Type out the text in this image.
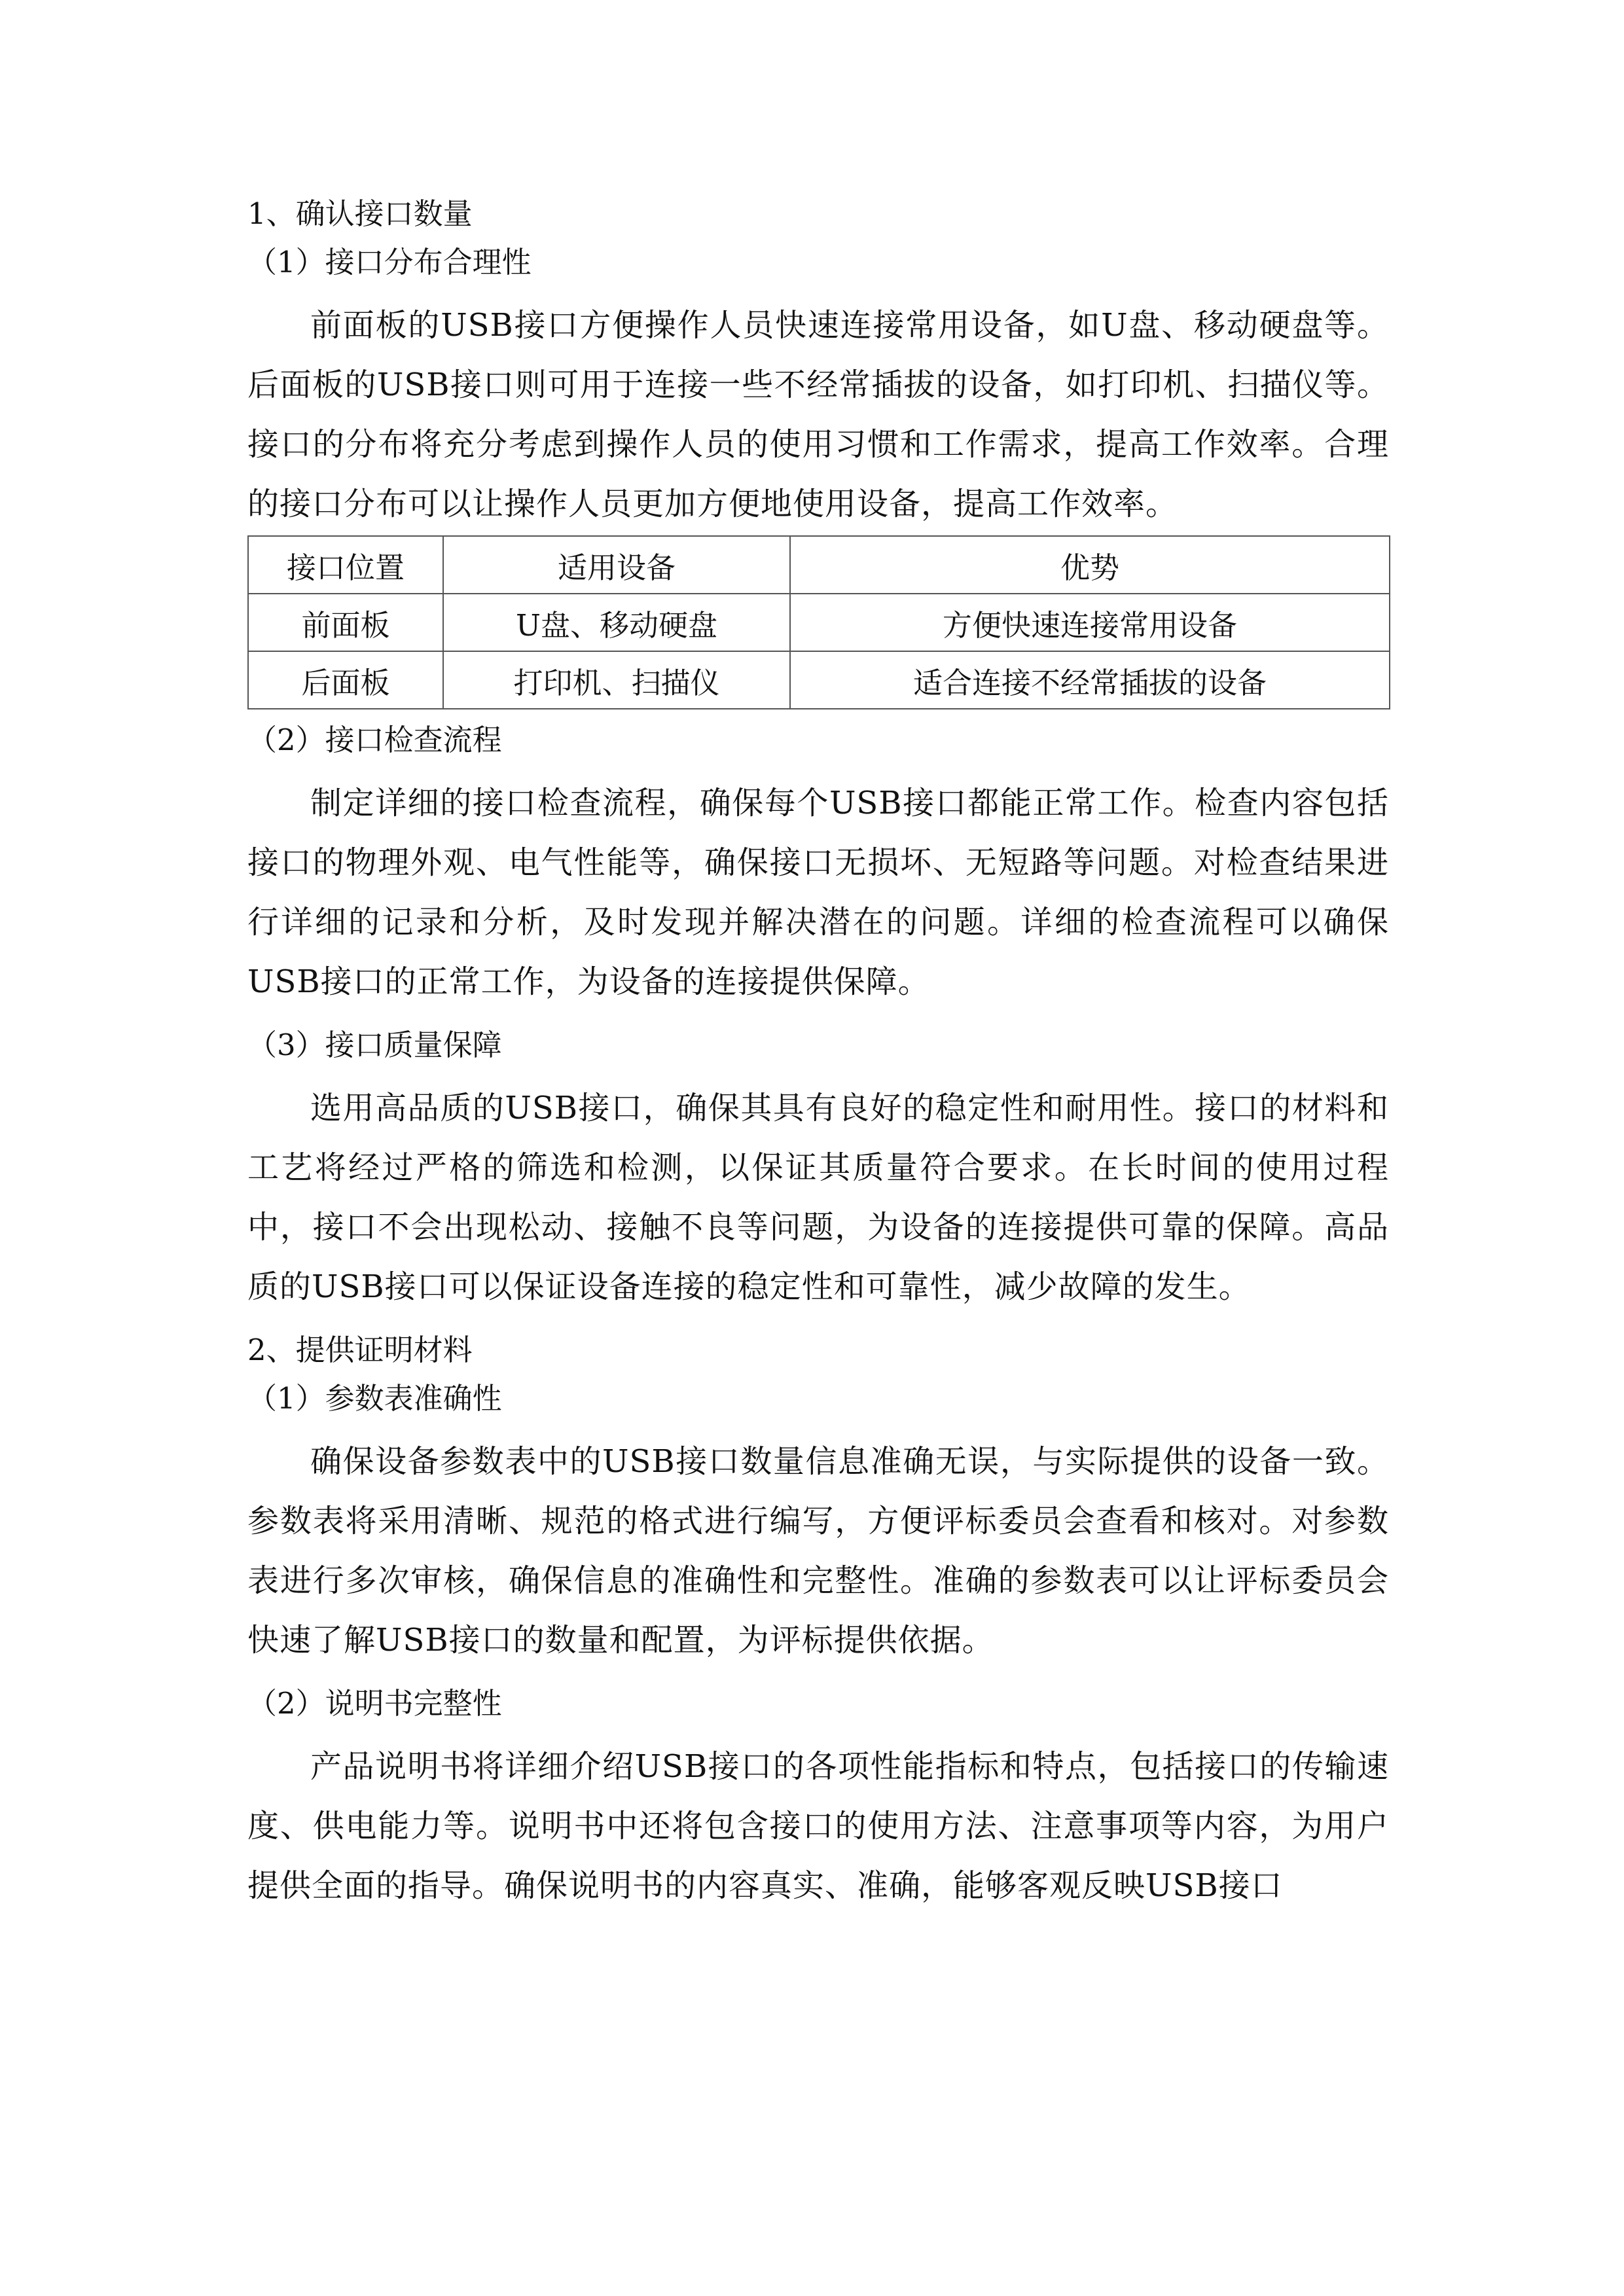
1、确认接口数量
（1）接口分布合理性

前面板的USB接口方便操作人员快速连接常用设备，如U盘、移动硬盘等。后面板的USB接口则可用于连接一些不经常插拔的设备，如打印机、扫描仪等。接口的分布将充分考虑到操作人员的使用习惯和工作需求，提高工作效率。合理的接口分布可以让操作人员更加方便地使用设备，提高工作效率。

接口位置	适用设备	优势
前面板	U盘、移动硬盘	方便快速连接常用设备
后面板	打印机、扫描仪	适合连接不经常插拔的设备
（2）接口检查流程

制定详细的接口检查流程，确保每个USB接口都能正常工作。检查内容包括接口的物理外观、电气性能等，确保接口无损坏、无短路等问题。对检查结果进行详细的记录和分析，及时发现并解决潜在的问题。详细的检查流程可以确保USB接口的正常工作，为设备的连接提供保障。

（3）接口质量保障

选用高品质的USB接口，确保其具有良好的稳定性和耐用性。接口的材料和工艺将经过严格的筛选和检测，以保证其质量符合要求。在长时间的使用过程中，接口不会出现松动、接触不良等问题，为设备的连接提供可靠的保障。高品质的USB接口可以保证设备连接的稳定性和可靠性，减少故障的发生。

2、提供证明材料
（1）参数表准确性

确保设备参数表中的USB接口数量信息准确无误，与实际提供的设备一致。参数表将采用清晰、规范的格式进行编写，方便评标委员会查看和核对。对参数表进行多次审核，确保信息的准确性和完整性。准确的参数表可以让评标委员会快速了解USB接口的数量和配置，为评标提供依据。

（2）说明书完整性

产品说明书将详细介绍USB接口的各项性能指标和特点，包括接口的传输速度、供电能力等。说明书中还将包含接口的使用方法、注意事项等内容，为用户提供全面的指导。确保说明书的内容真实、准确，能够客观反映USB接口
